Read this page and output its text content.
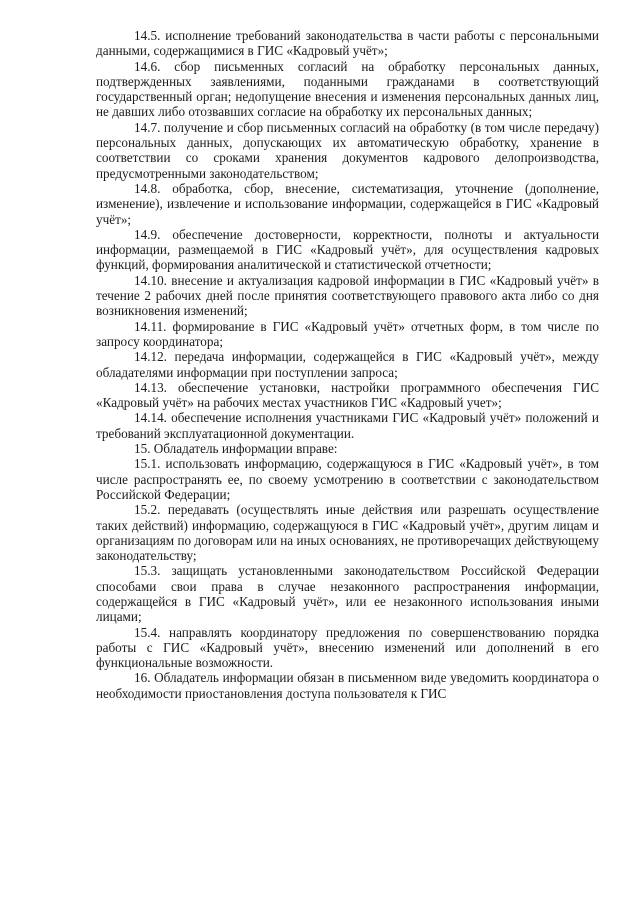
14.5. исполнение требований законодательства в части работы с персональными данными, содержащимися в ГИС «Кадровый учёт»;

14.6. сбор письменных согласий на обработку персональных данных, подтвержденных заявлениями, поданными гражданами в соответствующий государственный орган; недопущение внесения и изменения персональных данных лиц, не давших либо отозвавших согласие на обработку их персональных данных;

14.7. получение и сбор письменных согласий на обработку (в том числе передачу) персональных данных, допускающих их автоматическую обработку, хранение в соответствии со сроками хранения документов кадрового делопроизводства, предусмотренными законодательством;

14.8. обработка, сбор, внесение, систематизация, уточнение (дополнение, изменение), извлечение и использование информации, содержащейся в ГИС «Кадровый учёт»;

14.9. обеспечение достоверности, корректности, полноты и актуальности информации, размещаемой в ГИС «Кадровый учёт», для осуществления кадровых функций, формирования аналитической и статистической отчетности;

14.10. внесение и актуализация кадровой информации в ГИС «Кадровый учёт» в течение 2 рабочих дней после принятия соответствующего правового акта либо со дня возникновения изменений;

14.11. формирование в ГИС «Кадровый учёт» отчетных форм, в том числе по запросу координатора;

14.12. передача информации, содержащейся в ГИС «Кадровый учёт», между обладателями информации при поступлении запроса;

14.13. обеспечение установки, настройки программного обеспечения ГИС «Кадровый учёт» на рабочих местах участников ГИС «Кадровый учет»;

14.14. обеспечение исполнения участниками ГИС «Кадровый учёт» положений и требований эксплуатационной документации.

15. Обладатель информации вправе:

15.1. использовать информацию, содержащуюся в ГИС «Кадровый учёт», в том числе распространять ее, по своему усмотрению в соответствии с законодательством Российской Федерации;

15.2. передавать (осуществлять иные действия или разрешать осуществление таких действий) информацию, содержащуюся в ГИС «Кадровый учёт», другим лицам и организациям по договорам или на иных основаниях, не противоречащих действующему законодательству;

15.3. защищать установленными законодательством Российской Федерации способами свои права в случае незаконного распространения информации, содержащейся в ГИС «Кадровый учёт», или ее незаконного использования иными лицами;

15.4. направлять координатору предложения по совершенствованию порядка работы с ГИС «Кадровый учёт», внесению изменений или дополнений в его функциональные возможности.

16. Обладатель информации обязан в письменном виде уведомить координатора о необходимости приостановления доступа пользователя к ГИС
